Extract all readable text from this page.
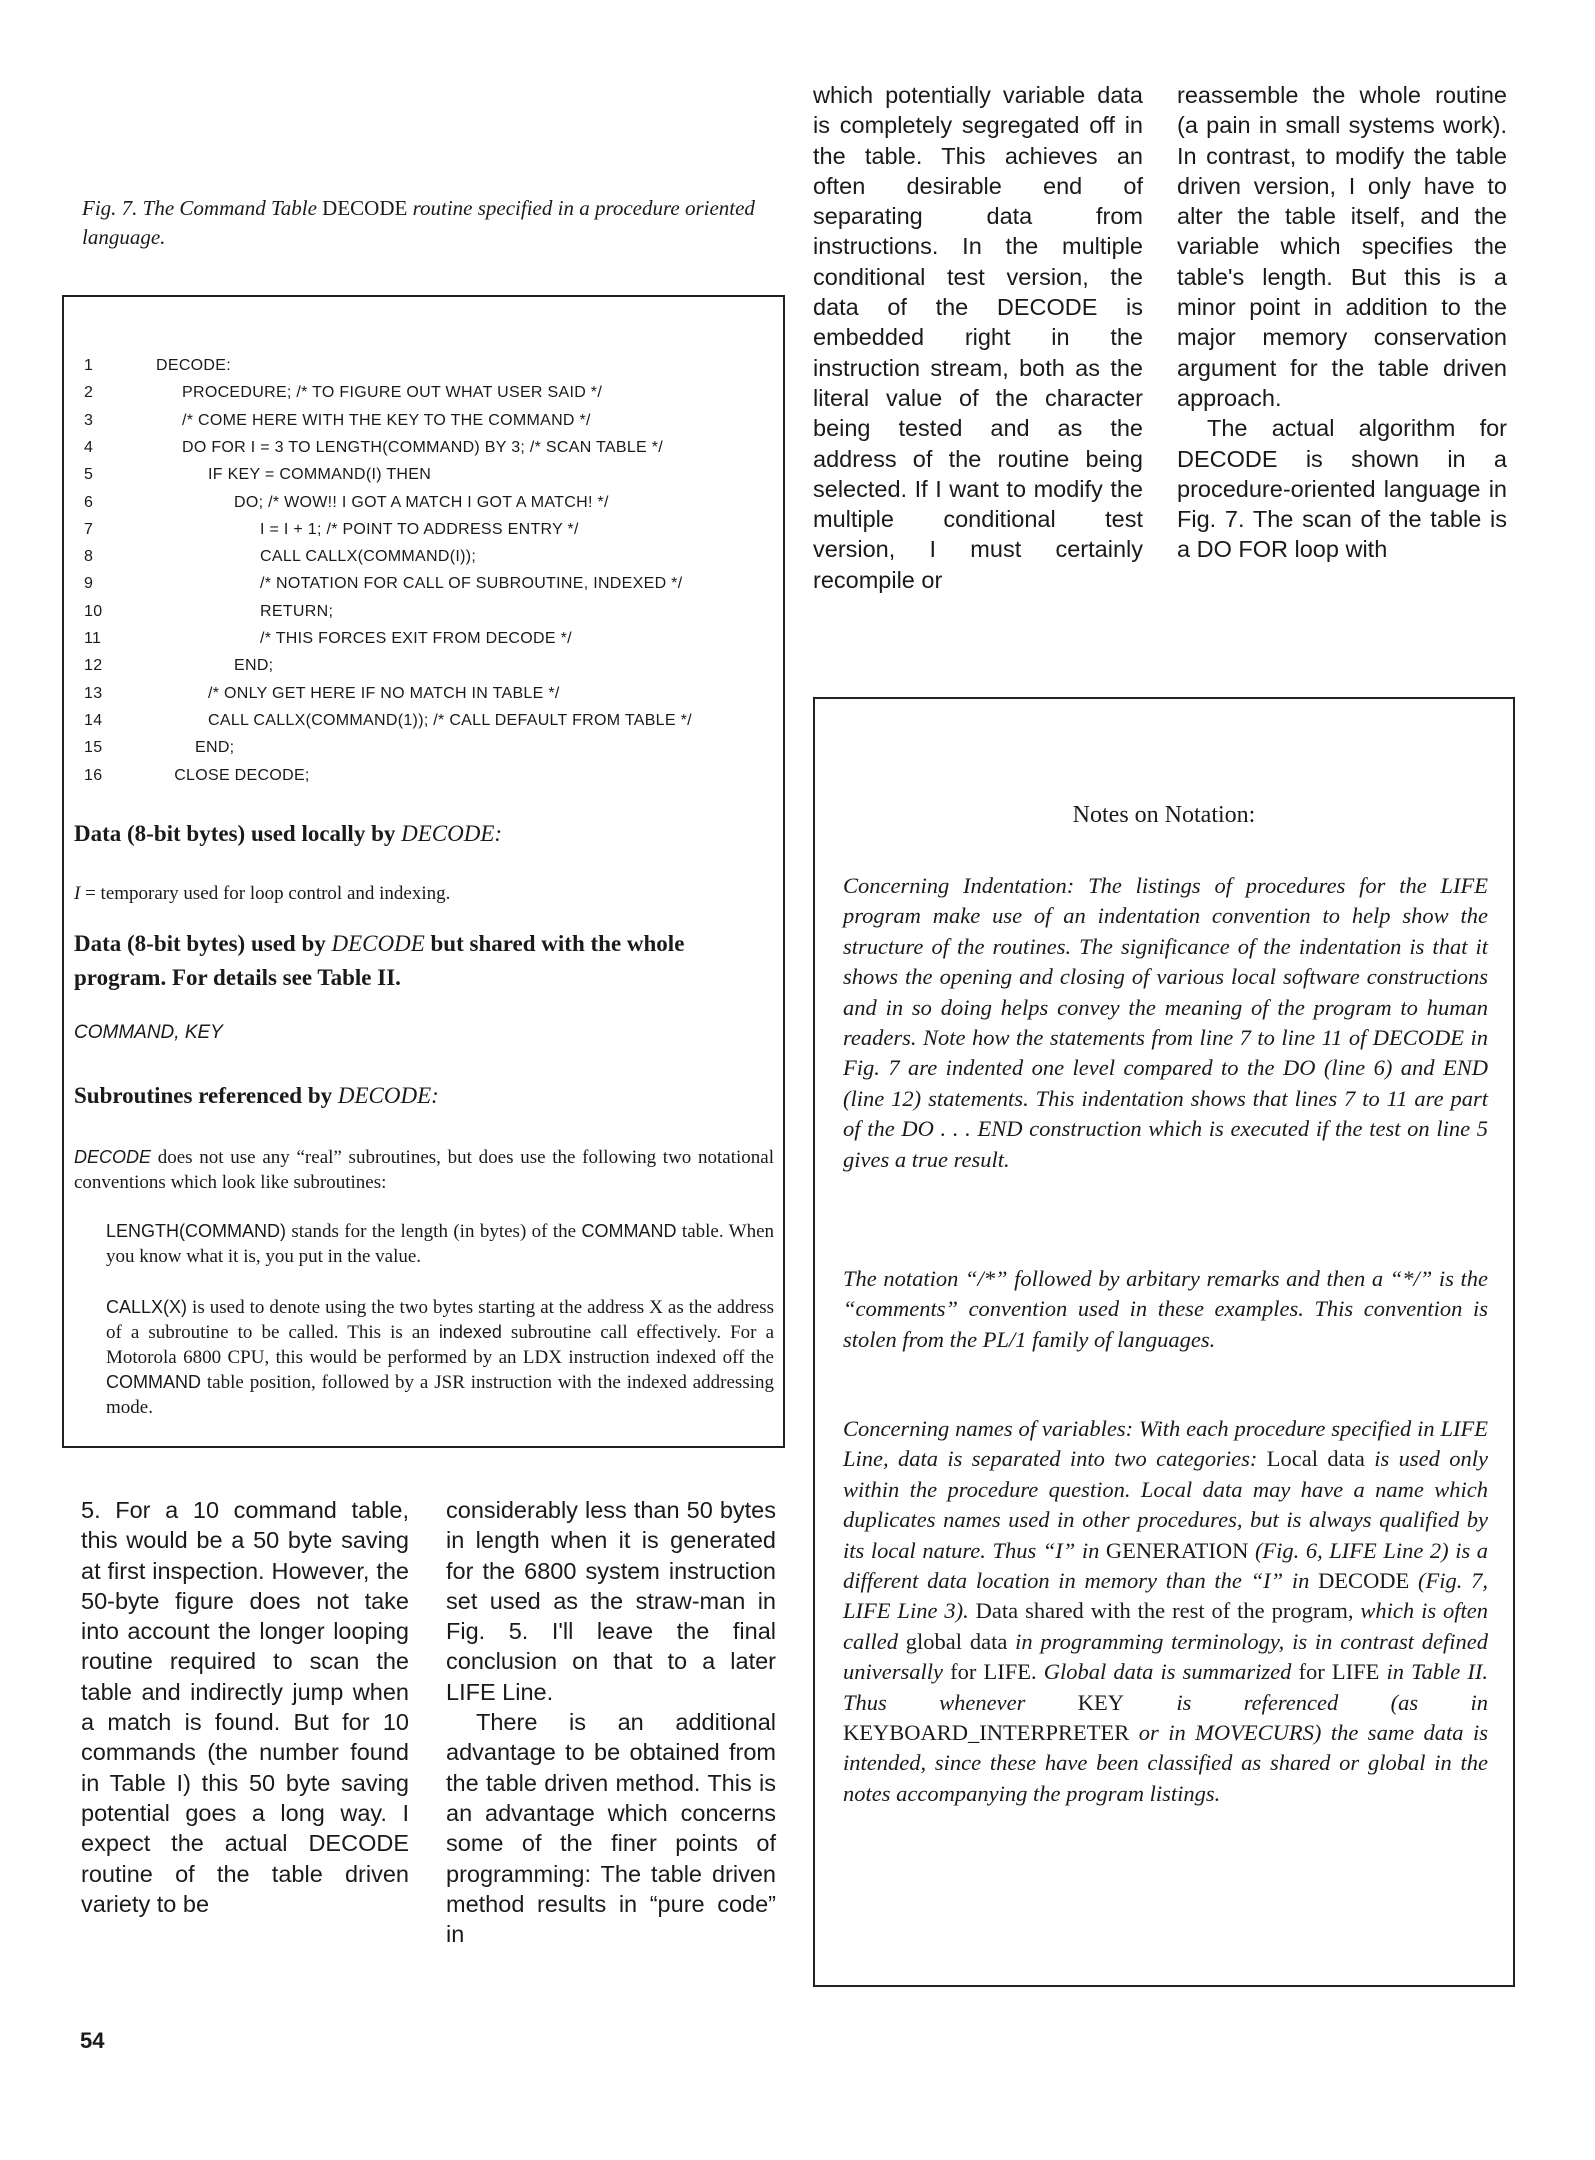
Fig. 7. The Command Table DECODE routine specified in a procedure oriented language.
1	DECODE:
2	PROCEDURE; /* TO FIGURE OUT WHAT USER SAID */
3	/* COME HERE WITH THE KEY TO THE COMMAND */
4	DO FOR I = 3 TO LENGTH(COMMAND) BY 3; /* SCAN TABLE */
5	IF KEY = COMMAND(I) THEN
6	DO; /* WOW!! I GOT A MATCH I GOT A MATCH! */
7	I = I + 1; /* POINT TO ADDRESS ENTRY */
8	CALL CALLX(COMMAND(I));
9	/* NOTATION FOR CALL OF SUBROUTINE, INDEXED */
10	RETURN;
11	/* THIS FORCES EXIT FROM DECODE */
12	END;
13	/* ONLY GET HERE IF NO MATCH IN TABLE */
14	CALL CALLX(COMMAND(1)); /* CALL DEFAULT FROM TABLE */
15	END;
16	CLOSE DECODE;
Data (8-bit bytes) used locally by DECODE:
I = temporary used for loop control and indexing.
Data (8-bit bytes) used by DECODE but shared with the whole program. For details see Table II.
COMMAND, KEY
Subroutines referenced by DECODE:
DECODE does not use any “real” subroutines, but does use the following two notational conventions which look like subroutines:
LENGTH(COMMAND) stands for the length (in bytes) of the COMMAND table. When you know what it is, you put in the value.
CALLX(X) is used to denote using the two bytes starting at the address X as the address of a subroutine to be called. This is an indexed subroutine call effectively. For a Motorola 6800 CPU, this would be performed by an LDX instruction indexed off the COMMAND table position, followed by a JSR instruction with the indexed addressing mode.

which potentially variable data is completely segregated off in the table. This achieves an often desirable end of separating data from instructions. In the multiple conditional test version, the data of the DECODE is embedded right in the instruction stream, both as the literal value of the character being tested and as the address of the routine being selected. If I want to modify the multiple conditional test version, I must certainly recompile or

reassemble the whole routine (a pain in small systems work). In contrast, to modify the table driven version, I only have to alter the table itself, and the variable which specifies the table's length. But this is a minor point in addition to the major memory conservation argument for the table driven approach.

The actual algorithm for DECODE is shown in a procedure-oriented language in Fig. 7. The scan of the table is a DO FOR loop with

5. For a 10 command table, this would be a 50 byte saving at first inspection. However, the 50-byte figure does not take into account the longer looping routine required to scan the table and indirectly jump when a match is found. But for 10 commands (the number found in Table I) this 50 byte saving potential goes a long way. I expect the actual DECODE routine of the table driven variety to be

considerably less than 50 bytes in length when it is generated for the 6800 system instruction set used as the straw-man in Fig. 5. I'll leave the final conclusion on that to a later LIFE Line.

There is an additional advantage to be obtained from the table driven method. This is an advantage which concerns some of the finer points of programming: The table driven method results in “pure code” in

Notes on Notation:
Concerning Indentation: The listings of procedures for the LIFE program make use of an indentation convention to help show the structure of the routines. The significance of the indentation is that it shows the opening and closing of various local software constructions and in so doing helps convey the meaning of the program to human readers. Note how the statements from line 7 to line 11 of DECODE in Fig. 7 are indented one level compared to the DO (line 6) and END (line 12) statements. This indentation shows that lines 7 to 11 are part of the DO . . . END construction which is executed if the test on line 5 gives a true result.
The notation “/*” followed by arbitary remarks and then a “*/” is the “comments” convention used in these examples. This convention is stolen from the PL/1 family of languages.
Concerning names of variables: With each procedure specified in LIFE Line, data is separated into two categories: Local data is used only within the procedure question. Local data may have a name which duplicates names used in other procedures, but is always qualified by its local nature. Thus “I” in GENERATION (Fig. 6, LIFE Line 2) is a different data location in memory than the “I” in DECODE (Fig. 7, LIFE Line 3). Data shared with the rest of the program, which is often called global data in programming terminology, is in contrast defined universally for LIFE. Global data is summarized for LIFE in Table II. Thus whenever KEY is referenced (as in KEYBOARD_INTERPRETER or in MOVECURS) the same data is intended, since these have been classified as shared or global in the notes accompanying the program listings.
54
